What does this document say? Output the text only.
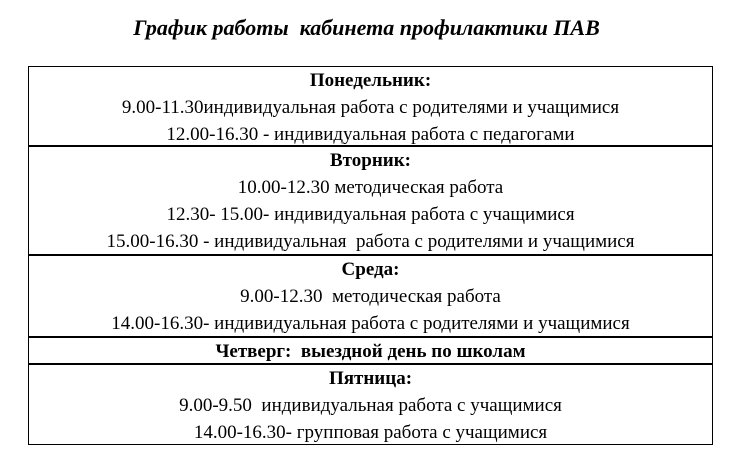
График работы  кабинета профилактики ПАВ
Понедельник:
9.00-11.30индивидуальная работа с родителями и учащимися
12.00-16.30 - индивидуальная работа с педагогами
Вторник:
10.00-12.30 методическая работа
12.30- 15.00- индивидуальная работа с учащимися
15.00-16.30 - индивидуальная  работа с родителями и учащимися
Среда:
9.00-12.30  методическая работа
14.00-16.30- индивидуальная работа с родителями и учащимися
Четверг:  выездной день по школам
Пятница:
9.00-9.50  индивидуальная работа с учащимися
14.00-16.30- групповая работа с учащимися
